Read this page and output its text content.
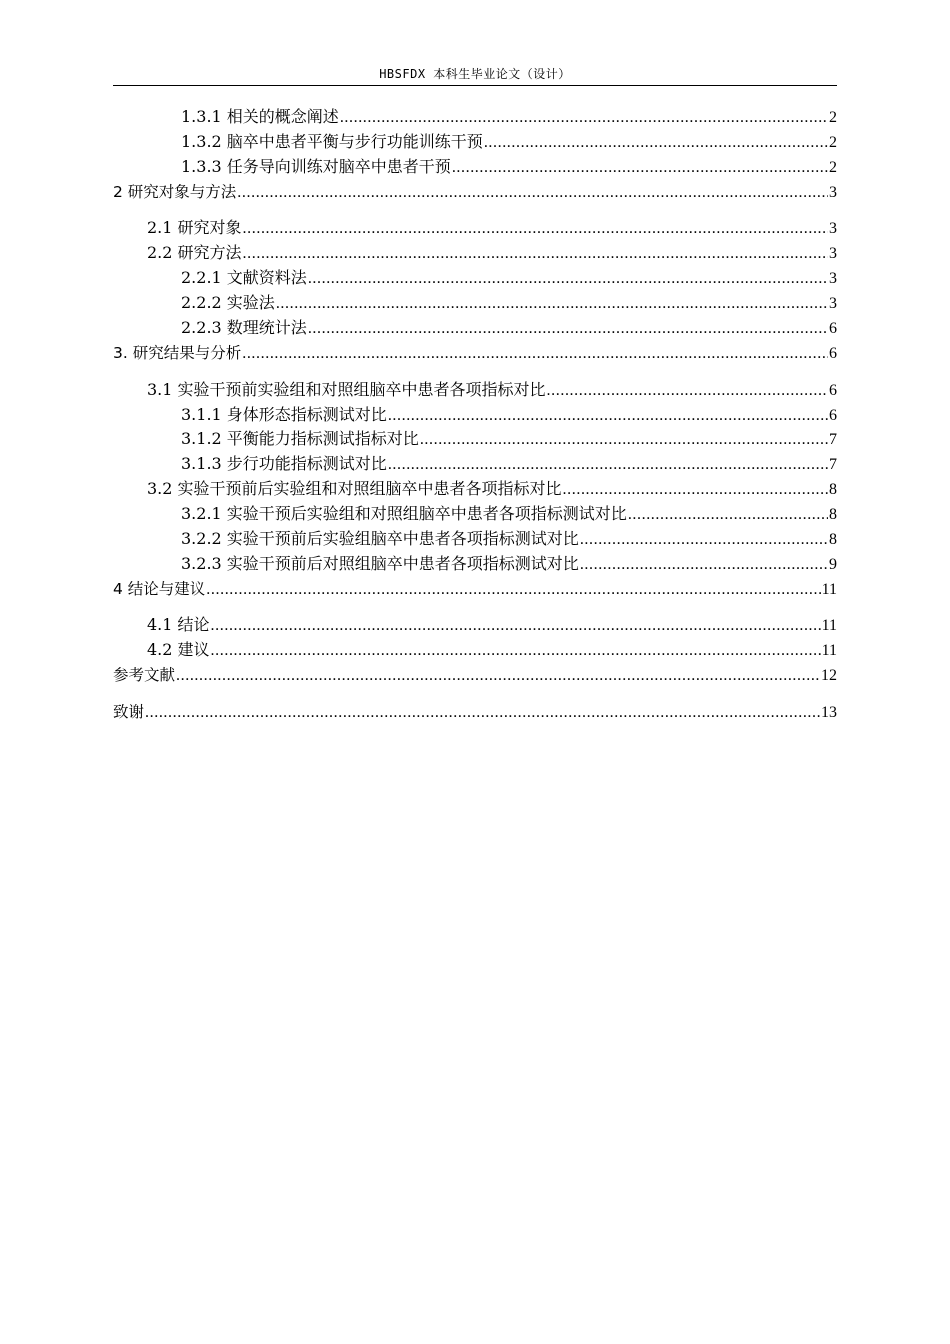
HBSFDX 本科生毕业论文（设计）
1.3.1 相关的概念阐述 .....	2
1.3.2 脑卒中患者平衡与步行功能训练干预 .....	2
1.3.3 任务导向训练对脑卒中患者干预 .....	2
2 研究对象与方法 .....	3
2.1 研究对象 .....	3
2.2 研究方法 .....	3
2.2.1 文献资料法 .....	3
2.2.2 实验法 .....	3
2.2.3 数理统计法 .....	6
3. 研究结果与分析 .....	6
3.1 实验干预前实验组和对照组脑卒中患者各项指标对比 .....	6
3.1.1 身体形态指标测试对比 .....	6
3.1.2 平衡能力指标测试指标对比 .....	7
3.1.3 步行功能指标测试对比 .....	7
3.2 实验干预前后实验组和对照组脑卒中患者各项指标对比 .....	8
3.2.1 实验干预后实验组和对照组脑卒中患者各项指标测试对比 .....	8
3.2.2 实验干预前后实验组脑卒中患者各项指标测试对比 .....	8
3.2.3 实验干预前后对照组脑卒中患者各项指标测试对比 .....	9
4 结论与建议 .....	11
4.1 结论 .....	11
4.2 建议 .....	11
参考文献 .....	12
致谢 .....	13
